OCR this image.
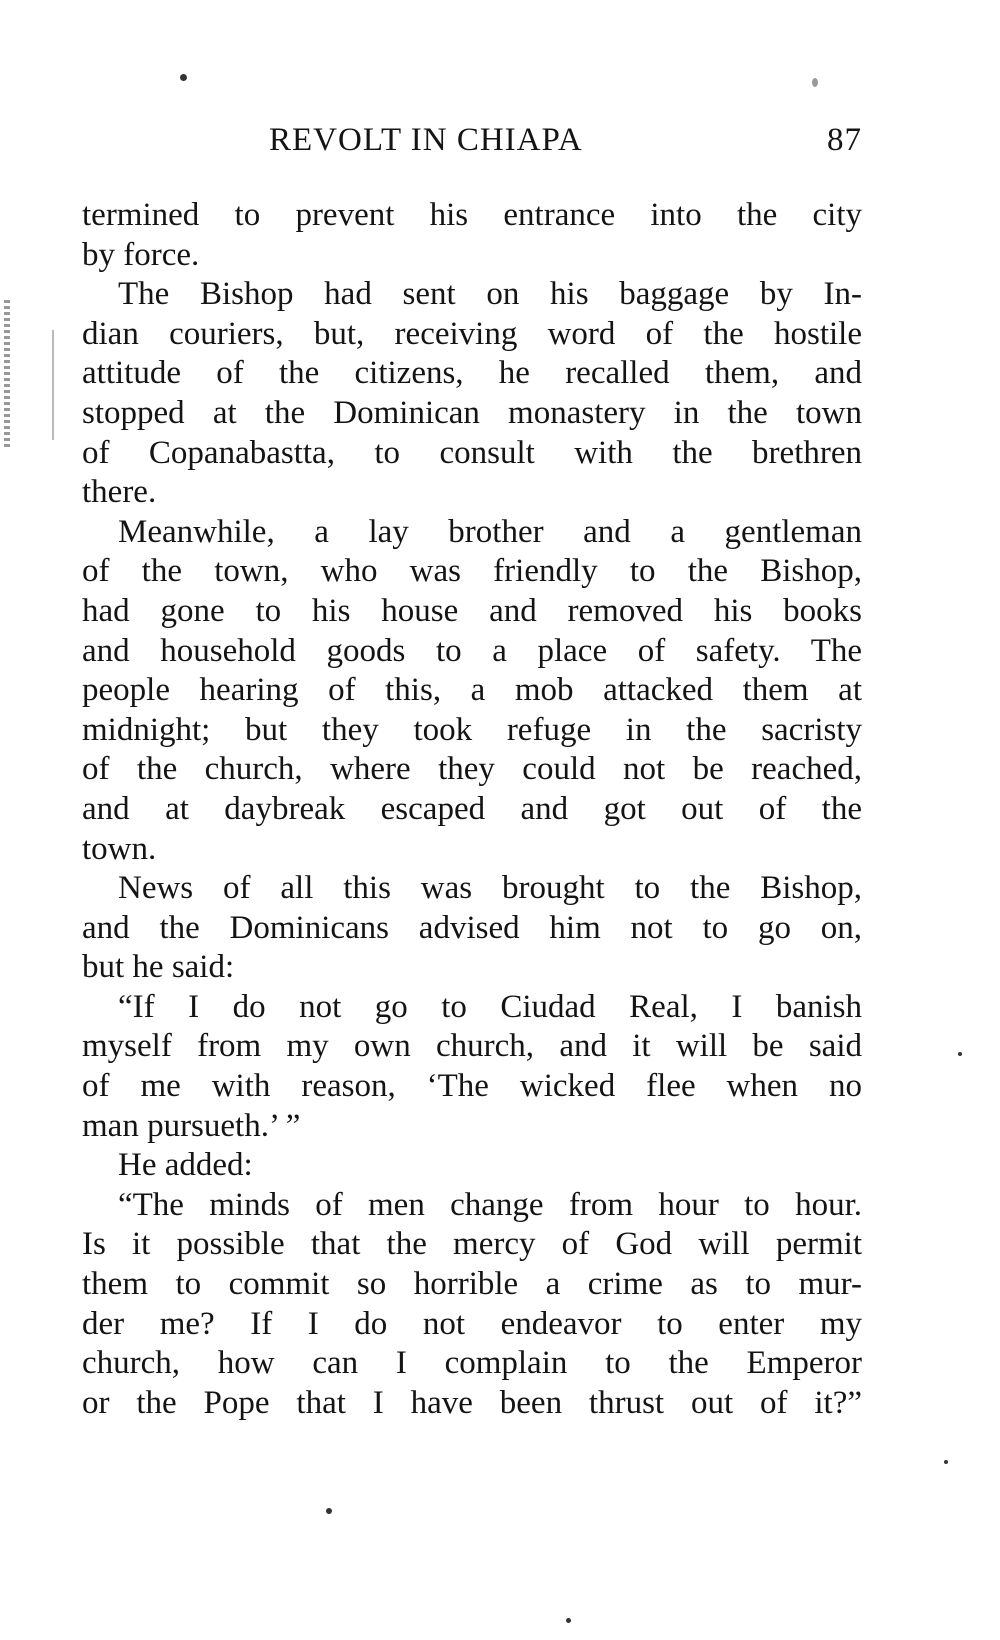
REVOLT IN CHIAPA	87
termined to prevent his entrance into the city
by force.
The Bishop had sent on his baggage by In-
dian couriers, but, receiving word of the hostile
attitude of the citizens, he recalled them, and
stopped at the Dominican monastery in the town
of Copanabastta, to consult with the brethren
there.
Meanwhile, a lay brother and a gentleman
of the town, who was friendly to the Bishop,
had gone to his house and removed his books
and household goods to a place of safety. The
people hearing of this, a mob attacked them at
midnight; but they took refuge in the sacristy
of the church, where they could not be reached,
and at daybreak escaped and got out of the
town.
News of all this was brought to the Bishop,
and the Dominicans advised him not to go on,
but he said:
“If I do not go to Ciudad Real, I banish
myself from my own church, and it will be said
of me with reason, ‘The wicked flee when no
man pursueth.’ ”
He added:
“The minds of men change from hour to hour.
Is it possible that the mercy of God will permit
them to commit so horrible a crime as to mur-
der me? If I do not endeavor to enter my
church, how can I complain to the Emperor
or the Pope that I have been thrust out of it?”
